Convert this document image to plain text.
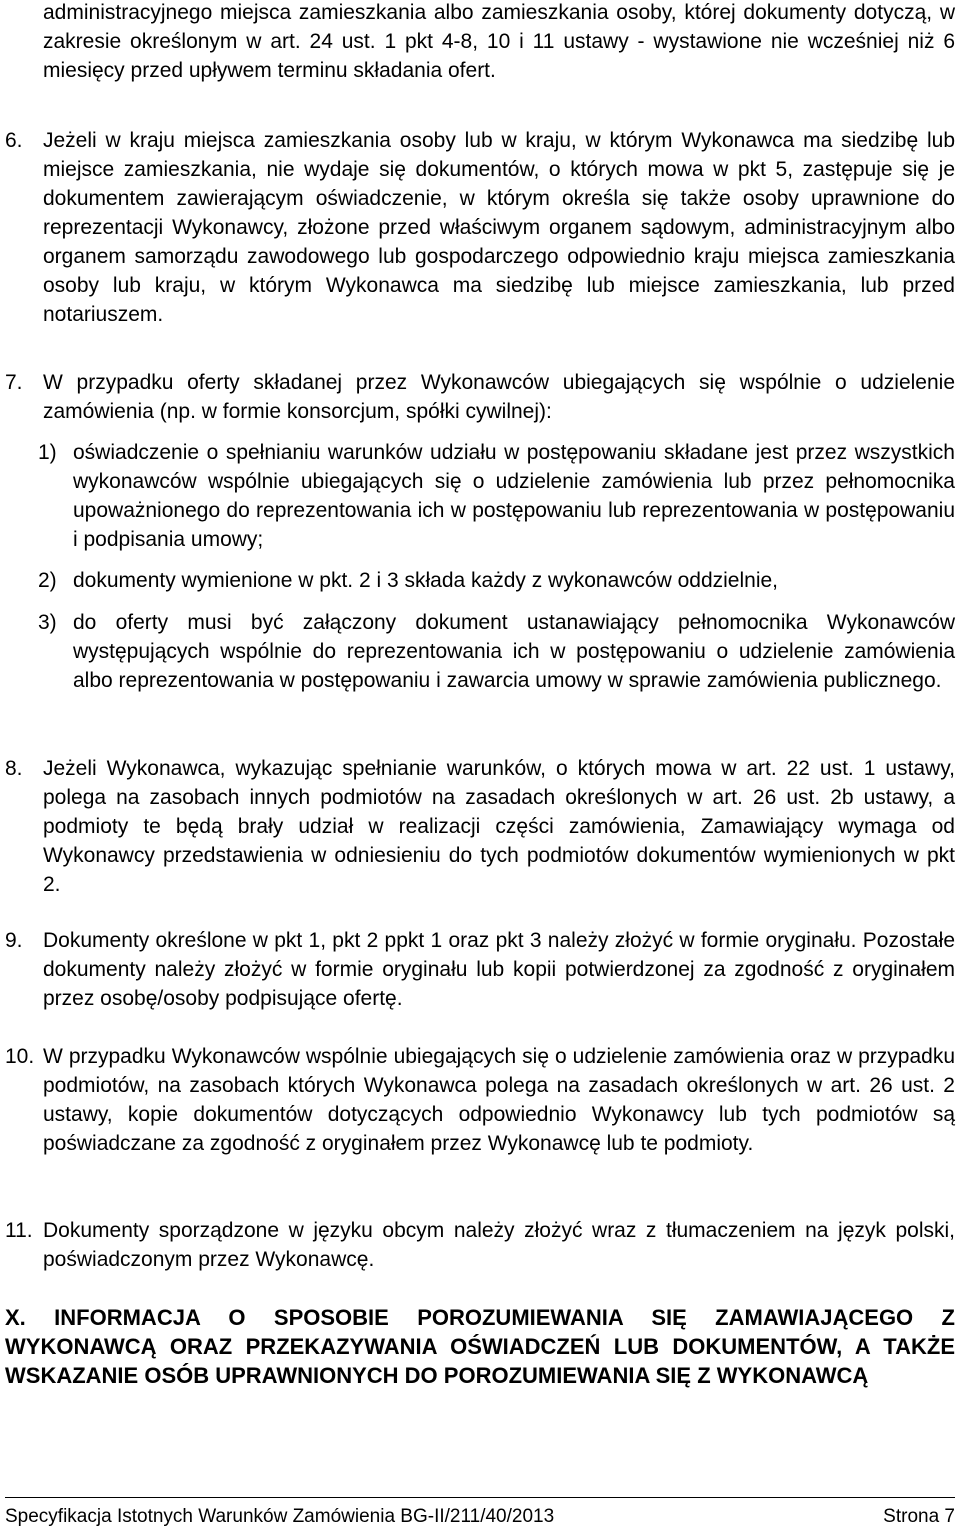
administracyjnego miejsca zamieszkania albo zamieszkania osoby, której dokumenty dotyczą, w zakresie określonym w art. 24 ust. 1 pkt 4-8, 10 i 11 ustawy - wystawione nie wcześniej niż 6 miesięcy przed upływem terminu składania ofert.

6. Jeżeli w kraju miejsca zamieszkania osoby lub w kraju, w którym Wykonawca ma siedzibę lub miejsce zamieszkania, nie wydaje się dokumentów, o których mowa w pkt 5, zastępuje się je dokumentem zawierającym oświadczenie, w którym określa się także osoby uprawnione do reprezentacji Wykonawcy, złożone przed właściwym organem sądowym, administracyjnym albo organem samorządu zawodowego lub gospodarczego odpowiednio kraju miejsca zamieszkania osoby lub kraju, w którym Wykonawca ma siedzibę lub miejsce zamieszkania, lub przed notariuszem.
7. W przypadku oferty składanej przez Wykonawców ubiegających się wspólnie o udzielenie zamówienia (np. w formie konsorcjum, spółki cywilnej):
1) oświadczenie o spełnianiu warunków udziału w postępowaniu składane jest przez wszystkich wykonawców wspólnie ubiegających się o udzielenie zamówienia lub przez pełnomocnika upoważnionego do reprezentowania ich w postępowaniu lub reprezentowania w postępowaniu i podpisania umowy;
2) dokumenty wymienione w pkt. 2 i 3 składa każdy z wykonawców oddzielnie,
3) do oferty musi być załączony dokument ustanawiający pełnomocnika Wykonawców występujących wspólnie do reprezentowania ich w postępowaniu o udzielenie zamówienia albo reprezentowania w postępowaniu i zawarcia umowy w sprawie zamówienia publicznego.
8. Jeżeli Wykonawca, wykazując spełnianie warunków, o których mowa w art. 22 ust. 1 ustawy, polega na zasobach innych podmiotów na zasadach określonych w art. 26 ust. 2b ustawy, a podmioty te będą brały udział w realizacji części zamówienia, Zamawiający wymaga od Wykonawcy przedstawienia w odniesieniu do tych podmiotów dokumentów wymienionych w pkt 2.
9. Dokumenty określone w pkt 1, pkt 2 ppkt 1 oraz pkt 3 należy złożyć w formie oryginału. Pozostałe dokumenty należy złożyć w formie oryginału lub kopii potwierdzonej za zgodność z oryginałem przez osobę/osoby podpisujące ofertę.
10. W przypadku Wykonawców wspólnie ubiegających się o udzielenie zamówienia oraz w przypadku podmiotów, na zasobach których Wykonawca polega na zasadach określonych w art. 26 ust. 2 ustawy, kopie dokumentów dotyczących odpowiednio Wykonawcy lub tych podmiotów są poświadczane za zgodność z oryginałem przez Wykonawcę lub te podmioty.
11. Dokumenty sporządzone w języku obcym należy złożyć wraz z tłumaczeniem na język polski, poświadczonym przez Wykonawcę.
X. INFORMACJA O SPOSOBIE POROZUMIEWANIA SIĘ ZAMAWIAJĄCEGO Z WYKONAWCĄ ORAZ PRZEKAZYWANIA OŚWIADCZEŃ LUB DOKUMENTÓW, A TAKŻE WSKAZANIE OSÓB UPRAWNIONYCH DO POROZUMIEWANIA SIĘ Z WYKONAWCĄ
Specyfikacja Istotnych Warunków Zamówienia BG-II/211/40/2013	Strona 7
